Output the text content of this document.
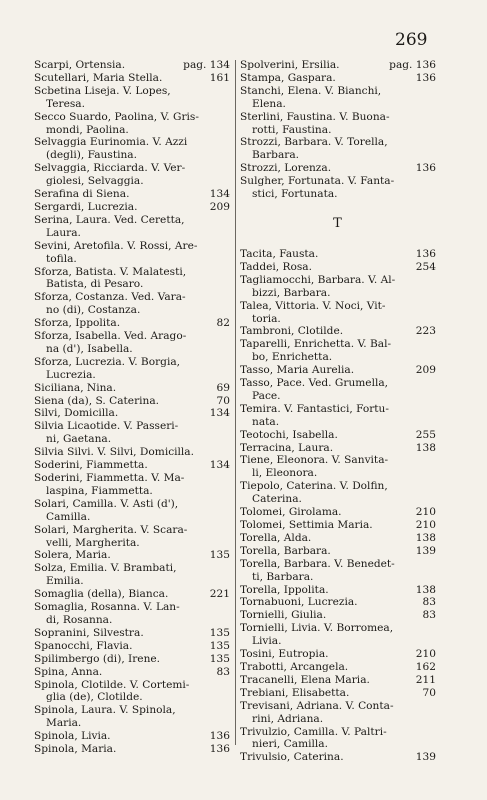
269
Scarpi, Ortensia.	pag. 134
Scutellari, Maria Stella.	161
Scbetina Liseja. V. Lopes,
Teresa.
Secco Suardo, Paolina, V. Gris-
mondi, Paolina.
Selvaggia Eurinomia. V. Azzi
(degli), Faustina.
Selvaggia, Ricciarda. V. Ver-
giolesi, Selvaggia.
Serafina di Siena.	134
Sergardi, Lucrezia.	209
Serina, Laura. Ved. Ceretta,
Laura.
Sevini, Aretofila. V. Rossi, Are-
tofila.
Sforza, Batista. V. Malatesti,
Batista, di Pesaro.
Sforza, Costanza. Ved. Vara-
no (di), Costanza.
Sforza, Ippolita.	82
Sforza, Isabella. Ved. Arago-
na (d'), Isabella.
Sforza, Lucrezia. V. Borgia,
Lucrezia.
Siciliana, Nina.	69
Siena (da), S. Caterina.	70
Silvi, Domicilla.	134
Silvia Licaotide. V. Passeri-
ni, Gaetana.
Silvia Silvi. V. Silvi, Domicilla.
Soderini, Fiammetta.	134
Soderini, Fiammetta. V. Ma-
laspina, Fiammetta.
Solari, Camilla. V. Asti (d'),
Camilla.
Solari, Margherita. V. Scara-
velli, Margherita.
Solera, Maria.	135
Solza, Emilia. V. Brambati,
Emilia.
Somaglia (della), Bianca.	221
Somaglia, Rosanna. V. Lan-
di, Rosanna.
Sopranini, Silvestra.	135
Spanocchi, Flavia.	135
Spilimbergo (di), Irene.	135
Spina, Anna.	83
Spinola, Clotilde. V. Cortemi-
glia (de), Clotilde.
Spinola, Laura. V. Spinola,
Maria.
Spinola, Livia.	136
Spinola, Maria.	136
Spolverini, Ersilia.	pag. 136
Stampa, Gaspara.	136
Stanchi, Elena. V. Bianchi,
Elena.
Sterlini, Faustina. V. Buona-
rotti, Faustina.
Strozzi, Barbara. V. Torella,
Barbara.
Strozzi, Lorenza.	136
Sulgher, Fortunata. V. Fanta-
stici, Fortunata.
T
Tacita, Fausta.	136
Taddei, Rosa.	254
Tagliamocchi, Barbara. V. Al-
bizzi, Barbara.
Talea, Vittoria. V. Noci, Vit-
toria.
Tambroni, Clotilde.	223
Taparelli, Enrichetta. V. Bal-
bo, Enrichetta.
Tasso, Maria Aurelia.	209
Tasso, Pace. Ved. Grumella,
Pace.
Temira. V. Fantastici, Fortu-
nata.
Teotochi, Isabella.	255
Terracina, Laura.	138
Tiene, Eleonora. V. Sanvita-
li, Eleonora.
Tiepolo, Caterina. V. Dolfin,
Caterina.
Tolomei, Girolama.	210
Tolomei, Settimia Maria.	210
Torella, Alda.	138
Torella, Barbara.	139
Torella, Barbara. V. Benedet-
ti, Barbara.
Torella, Ippolita.	138
Tornabuoni, Lucrezia.	83
Tornielli, Giulia.	83
Tornielli, Livia. V. Borromea,
Livia.
Tosini, Eutropia.	210
Trabotti, Arcangela.	162
Tracanelli, Elena Maria.	211
Trebiani, Elisabetta.	70
Trevisani, Adriana. V. Conta-
rini, Adriana.
Trivulzio, Camilla. V. Paltri-
nieri, Camilla.
Trivulsio, Caterina.	139
